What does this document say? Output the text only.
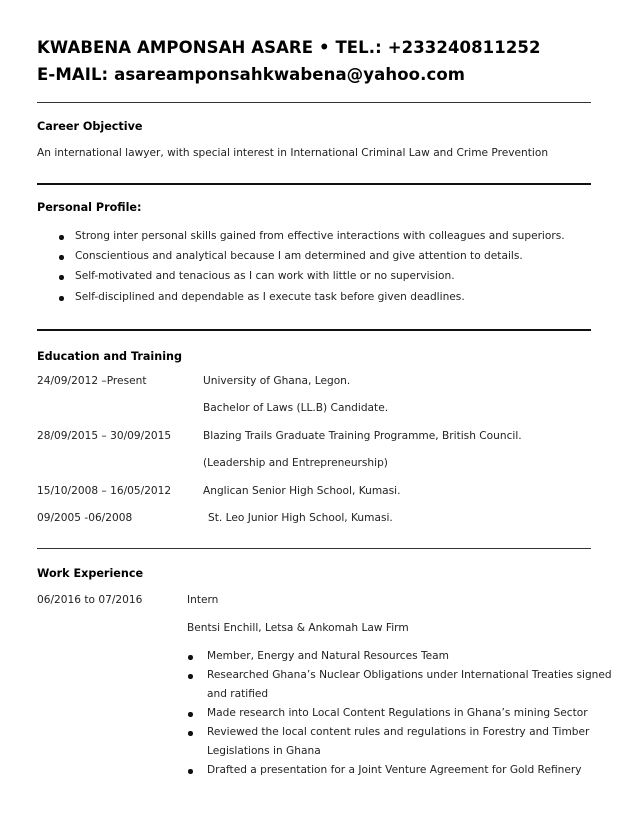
KWABENA AMPONSAH ASARE • TEL.: +233240811252
E-MAIL: asareamponsahkwabena@yahoo.com
Career Objective
An international lawyer, with special interest in International Criminal Law and Crime Prevention
Personal Profile:
Strong inter personal skills gained from effective interactions with colleagues and superiors.
Conscientious and analytical because I am determined and give attention to details.
Self-motivated and tenacious as I can work with little or no supervision.
Self-disciplined and dependable as I execute task before given deadlines.
Education and Training
24/09/2012 –Present	University of Ghana, Legon.
Bachelor of Laws (LL.B) Candidate.
28/09/2015 – 30/09/2015	Blazing Trails Graduate Training Programme, British Council.
(Leadership and Entrepreneurship)
15/10/2008 – 16/05/2012	Anglican Senior High School, Kumasi.
09/2005 -06/2008	St. Leo Junior High School, Kumasi.
Work Experience
06/2016 to 07/2016	Intern
Bentsi Enchill, Letsa & Ankomah Law Firm
Member, Energy and Natural Resources Team
Researched Ghana’s Nuclear Obligations under International Treaties signed
and ratified
Made research into Local Content Regulations in Ghana’s mining Sector
Reviewed the local content rules and regulations in Forestry and Timber
Legislations in Ghana
Drafted a presentation for a Joint Venture Agreement for Gold Refinery
